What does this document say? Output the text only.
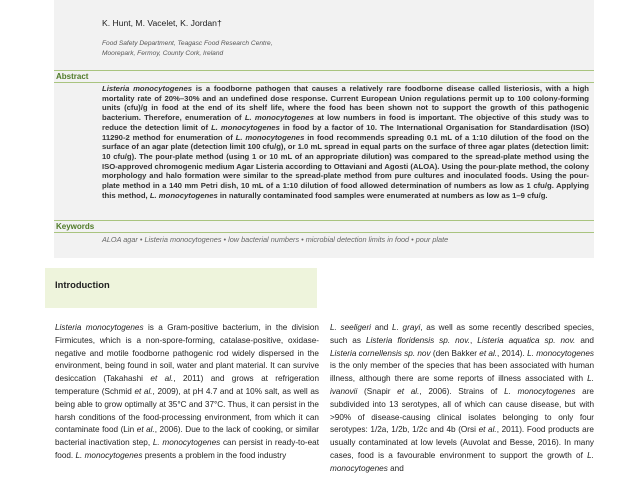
K. Hunt, M. Vacelet, K. Jordan†
Food Safety Department, Teagasc Food Research Centre,
Moorepark, Fermoy, County Cork, Ireland
Abstract

Listeria monocytogenes is a foodborne pathogen that causes a relatively rare foodborne disease called listeriosis, with a high mortality rate of 20%–30% and an undefined dose response. Current European Union regulations permit up to 100 colony-forming units (cfu)/g in food at the end of its shelf life, where the food has been shown not to support the growth of this pathogenic bacterium. Therefore, enumeration of L. monocytogenes at low numbers in food is important. The objective of this study was to reduce the detection limit of L. monocytogenes in food by a factor of 10. The International Organisation for Standardisation (ISO) 11290-2 method for enumeration of L. monocytogenes in food recommends spreading 0.1 mL of a 1:10 dilution of the food on the surface of an agar plate (detection limit 100 cfu/g), or 1.0 mL spread in equal parts on the surface of three agar plates (detection limit: 10 cfu/g). The pour-plate method (using 1 or 10 mL of an appropriate dilution) was compared to the spread-plate method using the ISO-approved chromogenic medium Agar Listeria according to Ottaviani and Agosti (ALOA). Using the pour-plate method, the colony morphology and halo formation were similar to the spread-plate method from pure cultures and inoculated foods. Using the pour-plate method in a 140 mm Petri dish, 10 mL of a 1:10 dilution of food allowed determination of numbers as low as 1 cfu/g. Applying this method, L. monocytogenes in naturally contaminated food samples were enumerated at numbers as low as 1–9 cfu/g.

Keywords
ALOA agar • Listeria monocytogenes • low bacterial numbers • microbial detection limits in food • pour plate
Introduction

Listeria monocytogenes is a Gram-positive bacterium, in the division Firmicutes, which is a non-spore-forming, catalase-positive, oxidase-negative and motile foodborne pathogenic rod widely dispersed in the environment, being found in soil, water and plant material. It can survive desiccation (Takahashi et al., 2011) and grows at refrigeration temperature (Schmid et al., 2009), at pH 4.7 and at 10% salt, as well as being able to grow optimally at 35°C and 37°C. Thus, it can persist in the harsh conditions of the food-processing environment, from which it can contaminate food (Lin et al., 2006). Due to the lack of cooking, or similar bacterial inactivation step, L. monocytogenes can persist in ready-to-eat food. L. monocytogenes presents a problem in the food industry

L. seeligeri and L. grayi, as well as some recently described species, such as Listeria floridensis sp. nov., Listeria aquatica sp. nov. and Listeria cornellensis sp. nov (den Bakker et al., 2014). L. monocytogenes is the only member of the species that has been associated with human illness, although there are some reports of illness associated with L. ivanovii (Snapir et al., 2006). Strains of L. monocytogenes are subdivided into 13 serotypes, all of which can cause disease, but with >90% of disease-causing clinical isolates belonging to only four serotypes: 1/2a, 1/2b, 1/2c and 4b (Orsi et al., 2011). Food products are usually contaminated at low levels (Auvolat and Besse, 2016). In many cases, food is a favourable environment to support the growth of L. monocytogenes and
